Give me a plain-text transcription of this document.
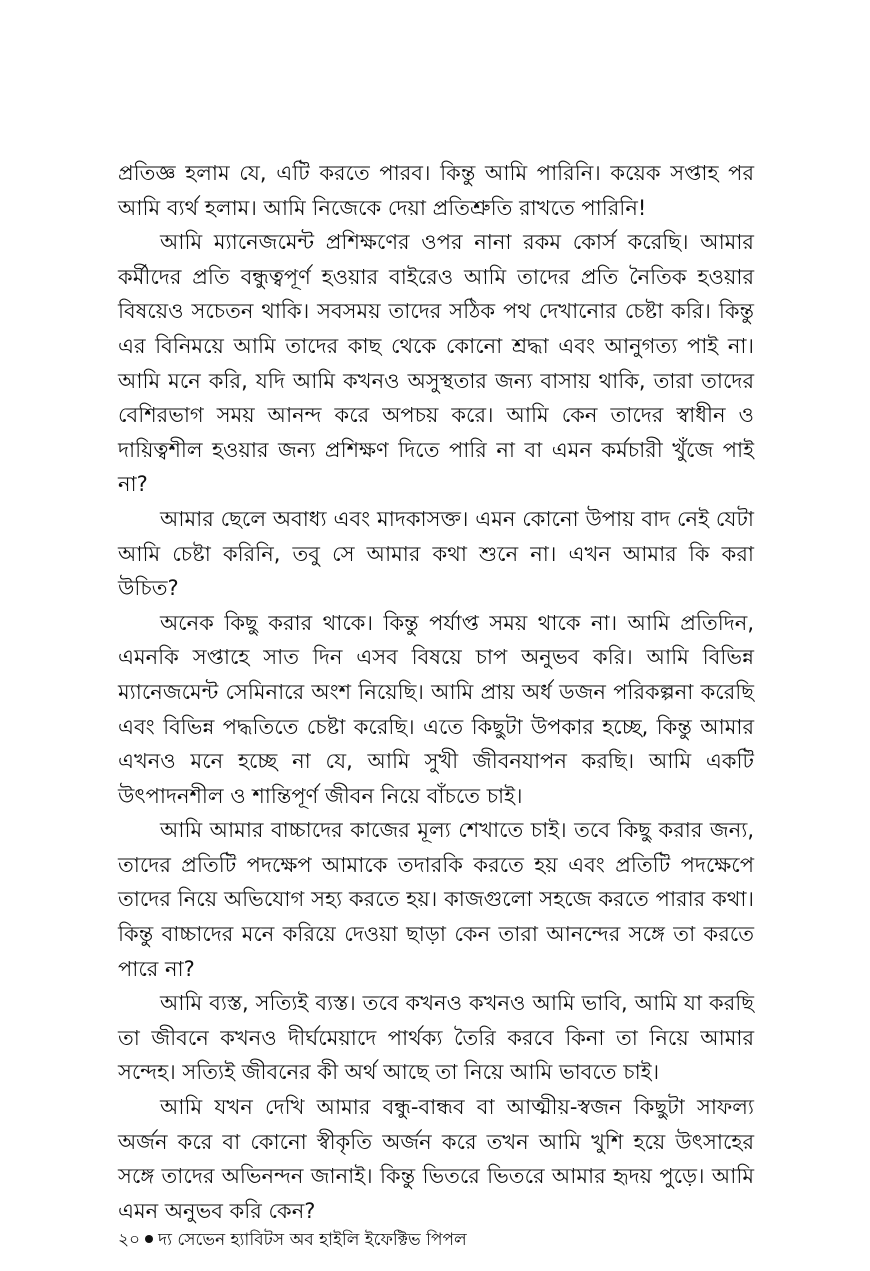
প্রতিজ্ঞ হলাম যে, এটি করতে পারব। কিন্তু আমি পারিনি। কয়েক সপ্তাহ পর আমি ব্যর্থ হলাম। আমি নিজেকে দেয়া প্রতিশ্রুতি রাখতে পারিনি!

আমি ম্যানেজমেন্ট প্রশিক্ষণের ওপর নানা রকম কোর্স করেছি। আমার কর্মীদের প্রতি বন্ধুত্বপূর্ণ হওয়ার বাইরেও আমি তাদের প্রতি নৈতিক হওয়ার বিষয়েও সচেতন থাকি। সবসময় তাদের সঠিক পথ দেখানোর চেষ্টা করি। কিন্তু এর বিনিময়ে আমি তাদের কাছ থেকে কোনো শ্রদ্ধা এবং আনুগত্য পাই না। আমি মনে করি, যদি আমি কখনও অসুস্থতার জন্য বাসায় থাকি, তারা তাদের বেশিরভাগ সময় আনন্দ করে অপচয় করে। আমি কেন তাদের স্বাধীন ও দায়িত্বশীল হওয়ার জন্য প্রশিক্ষণ দিতে পারি না বা এমন কর্মচারী খুঁজে পাই না?

আমার ছেলে অবাধ্য এবং মাদকাসক্ত। এমন কোনো উপায় বাদ নেই যেটা আমি চেষ্টা করিনি, তবু সে আমার কথা শুনে না। এখন আমার কি করা উচিত?

অনেক কিছু করার থাকে। কিন্তু পর্যাপ্ত সময় থাকে না। আমি প্রতিদিন, এমনকি সপ্তাহে সাত দিন এসব বিষয়ে চাপ অনুভব করি। আমি বিভিন্ন ম্যানেজমেন্ট সেমিনারে অংশ নিয়েছি। আমি প্রায় অর্ধ ডজন পরিকল্পনা করেছি এবং বিভিন্ন পদ্ধতিতে চেষ্টা করেছি। এতে কিছুটা উপকার হচ্ছে, কিন্তু আমার এখনও মনে হচ্ছে না যে, আমি সুখী জীবনযাপন করছি। আমি একটি উৎপাদনশীল ও শান্তিপূর্ণ জীবন নিয়ে বাঁচতে চাই।

আমি আমার বাচ্চাদের কাজের মূল্য শেখাতে চাই। তবে কিছু করার জন্য, তাদের প্রতিটি পদক্ষেপ আমাকে তদারকি করতে হয় এবং প্রতিটি পদক্ষেপে তাদের নিয়ে অভিযোগ সহ্য করতে হয়। কাজগুলো সহজে করতে পারার কথা। কিন্তু বাচ্চাদের মনে করিয়ে দেওয়া ছাড়া কেন তারা আনন্দের সঙ্গে তা করতে পারে না?

আমি ব্যস্ত, সত্যিই ব্যস্ত। তবে কখনও কখনও আমি ভাবি, আমি যা করছি তা জীবনে কখনও দীর্ঘমেয়াদে পার্থক্য তৈরি করবে কিনা তা নিয়ে আমার সন্দেহ। সত্যিই জীবনের কী অর্থ আছে তা নিয়ে আমি ভাবতে চাই।

আমি যখন দেখি আমার বন্ধু-বান্ধব বা আত্মীয়-স্বজন কিছুটা সাফল্য অর্জন করে বা কোনো স্বীকৃতি অর্জন করে তখন আমি খুশি হয়ে উৎসাহের সঙ্গে তাদের অভিনন্দন জানাই। কিন্তু ভিতরে ভিতরে আমার হৃদয় পুড়ে। আমি এমন অনুভব করি কেন?

২০ দ্য সেভেন হ্যাবিটস অব হাইলি ইফেক্টিভ পিপল
